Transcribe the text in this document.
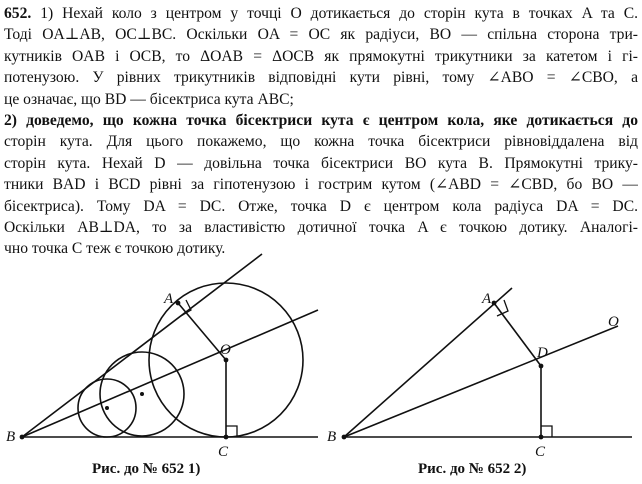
652. 1) Нехай коло з центром у точці O дотикається до сторін кута в точках A та C.
Тоді OA⊥AB, OC⊥BC. Оскільки OA = OC як радіуси, BO — спільна сторона три-
кутників OAB і OCB, то ΔOAB = ΔOCB як прямокутні трикутники за катетом і гі-
потенузою. У рівних трикутників відповідні кути рівні, тому ∠ABO = ∠CBO, а
це означає, що BD — бісектриса кута ABC;
2) доведемо, що кожна точка бісектриси кута є центром кола, яке дотикається до
сторін кута. Для цього покажемо, що кожна точка бісектриси рівновіддалена від
сторін кута. Нехай D — довільна точка бісектриси BO кута B. Прямокутні трику-
тники BAD і BCD рівні за гіпотенузою і гострим кутом (∠ABD = ∠CBD, бо BO —
бісектриса). Тому DA = DC. Отже, точка D є центром кола радіуса DA = DC.
Оскільки AB⊥DA, то за властивістю дотичної точка A є точкою дотику. Аналогі-
чно точка C теж є точкою дотику.
A
O
B
C
A
D
O
B
C
Рис. до № 652 1)	Рис. до № 652 2)
